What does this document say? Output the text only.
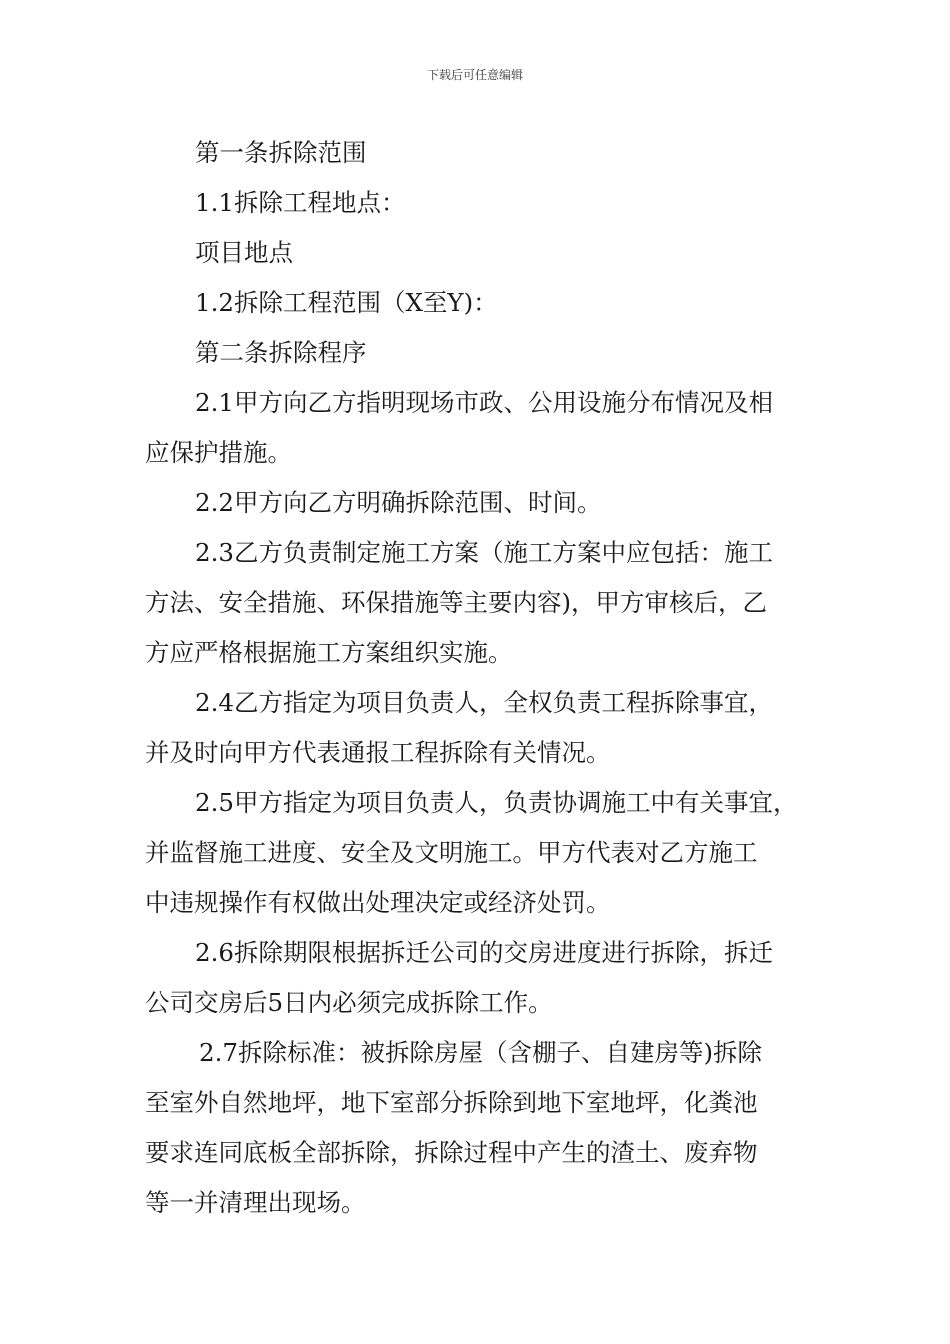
下载后可任意编辑
第一条拆除范围
1.1拆除工程地点：
项目地点
1.2拆除工程范围（X至Y)：
第二条拆除程序
2.1甲方向乙方指明现场市政、公用设施分布情况及相
应保护措施。
2.2甲方向乙方明确拆除范围、时间。
2.3乙方负责制定施工方案（施工方案中应包括：施工
方法、安全措施、环保措施等主要内容)，甲方审核后，乙
方应严格根据施工方案组织实施。
2.4乙方指定为项目负责人，全权负责工程拆除事宜，
并及时向甲方代表通报工程拆除有关情况。
2.5甲方指定为项目负责人，负责协调施工中有关事宜，
并监督施工进度、安全及文明施工。甲方代表对乙方施工
中违规操作有权做出处理决定或经济处罚。
2.6拆除期限根据拆迁公司的交房进度进行拆除，拆迁
公司交房后5日内必须完成拆除工作。
2.7拆除标准：被拆除房屋（含棚子、自建房等)拆除
至室外自然地坪，地下室部分拆除到地下室地坪，化粪池
要求连同底板全部拆除，拆除过程中产生的渣土、废弃物
等一并清理出现场。
